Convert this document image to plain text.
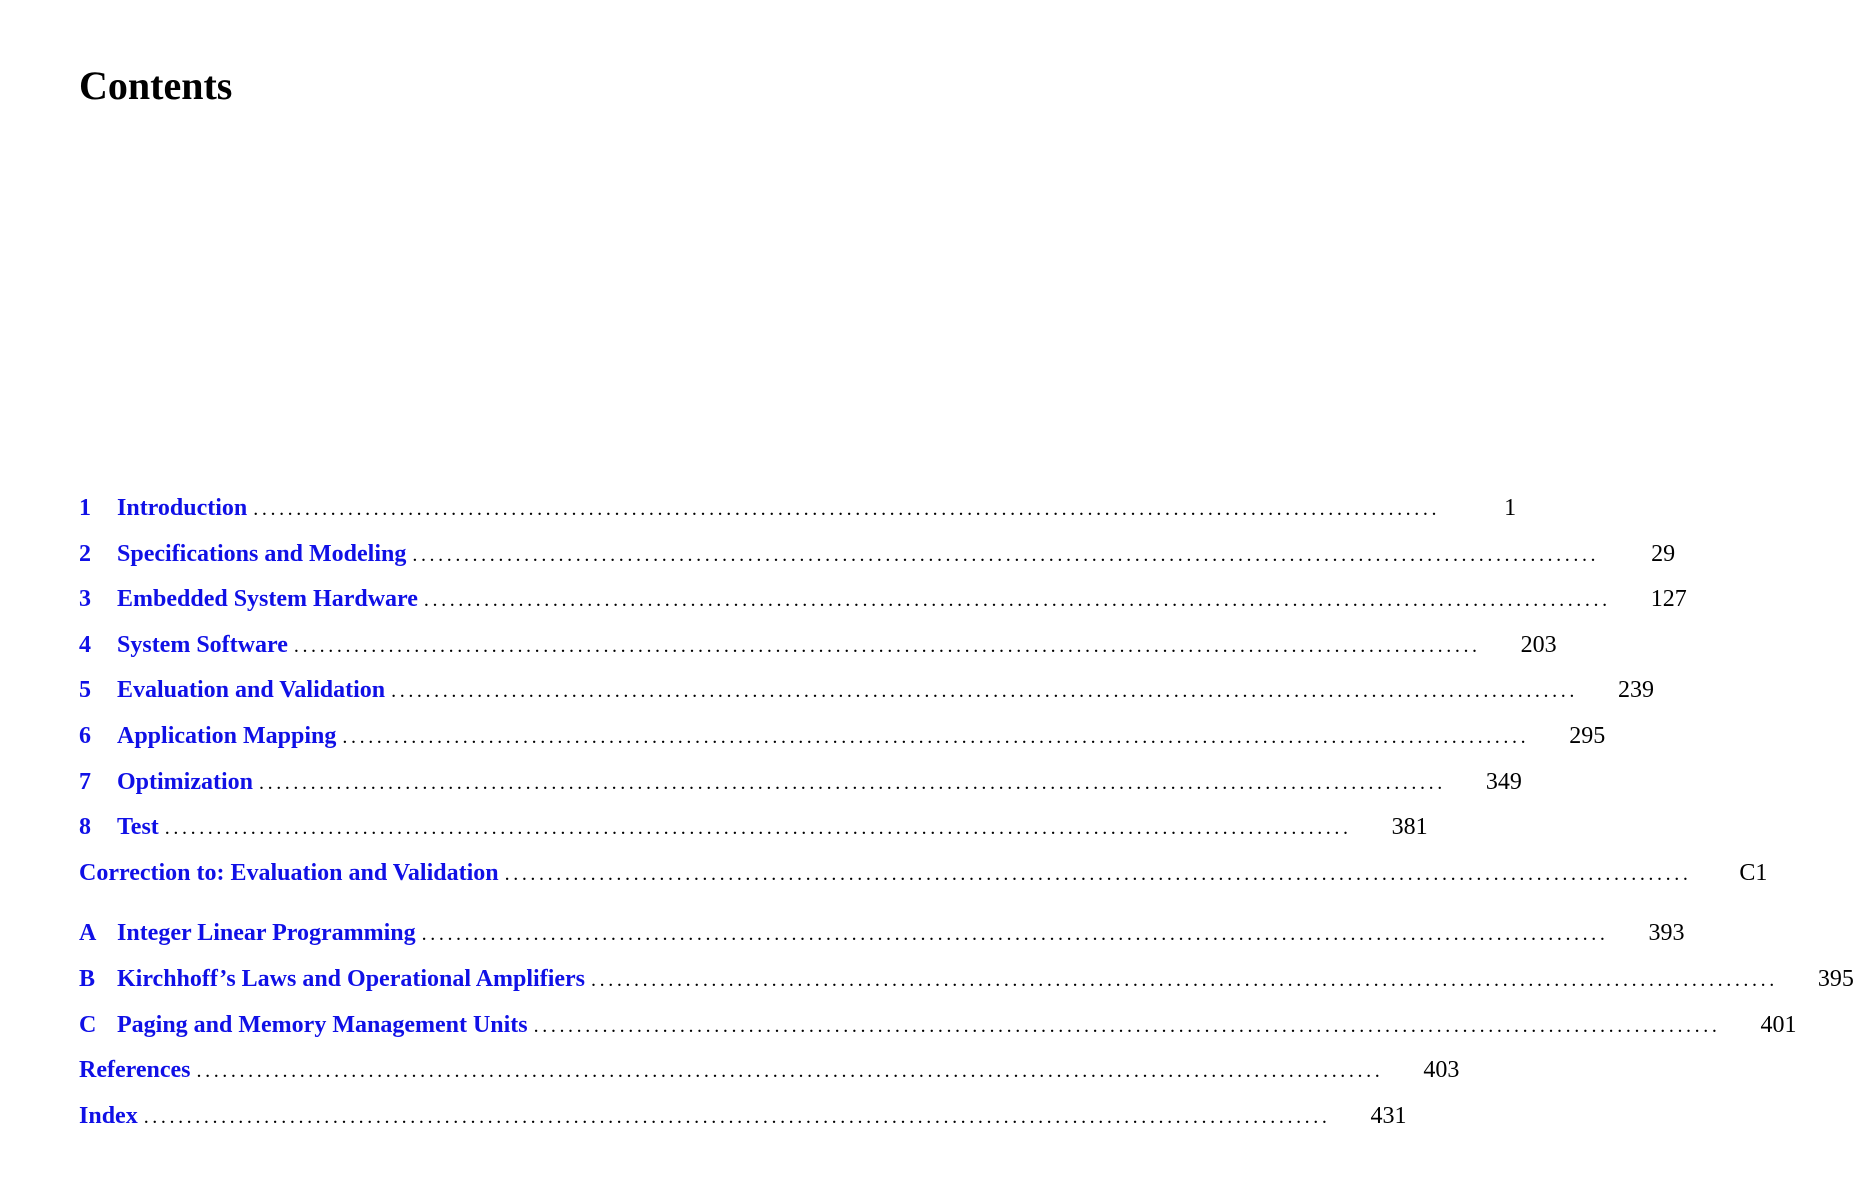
Contents
1	Introduction ..........................................................................................................................................	1
2	Specifications and Modeling ..........................................................................................................................................	29
3	Embedded System Hardware ..........................................................................................................................................	127
4	System Software ..........................................................................................................................................	203
5	Evaluation and Validation ..........................................................................................................................................	239
6	Application Mapping ..........................................................................................................................................	295
7	Optimization ..........................................................................................................................................	349
8	Test ..........................................................................................................................................	381
Correction to: Evaluation and Validation ..........................................................................................................................................	C1
A Integer Linear Programming ..........................................................................................................................................	393
B Kirchhoff’s Laws and Operational Amplifiers ..........................................................................................................................................	395
C Paging and Memory Management Units ..........................................................................................................................................	401
References ..........................................................................................................................................	403
Index ..........................................................................................................................................	431
